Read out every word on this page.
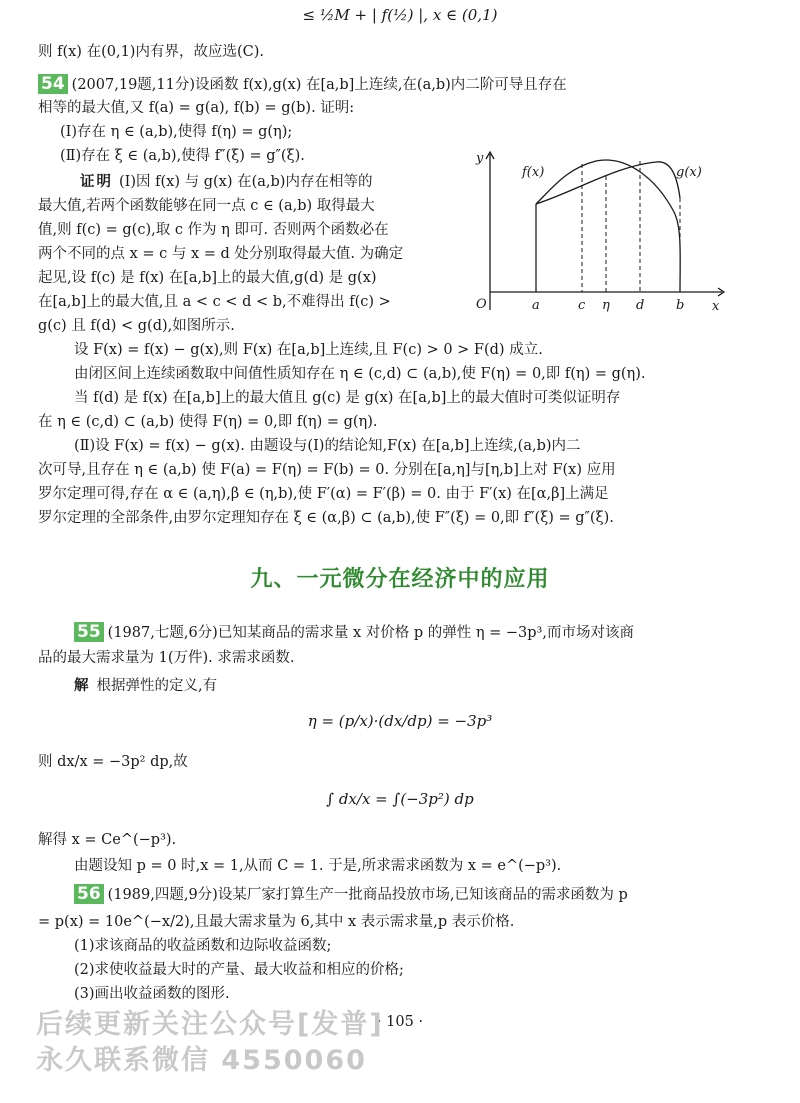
≤ ½M + | f(½) |, x ∈ (0,1)
则 f(x) 在(0,1)内有界，故应选(C).
54 (2007,19题,11分)设函数 f(x),g(x) 在[a,b]上连续,在(a,b)内二阶可导且存在
相等的最大值,又 f(a) = g(a), f(b) = g(b). 证明:
(Ⅰ)存在 η ∈ (a,b),使得 f(η) = g(η);
(Ⅱ)存在 ξ ∈ (a,b),使得 f″(ξ) = g″(ξ).
证明 (Ⅰ)因 f(x) 与 g(x) 在(a,b)内存在相等的
最大值,若两个函数能够在同一点 c ∈ (a,b) 取得最大
值,则 f(c) = g(c),取 c 作为 η 即可. 否则两个函数必在
两个不同的点 x = c 与 x = d 处分别取得最大值. 为确定
起见,设 f(c) 是 f(x) 在[a,b]上的最大值,g(d) 是 g(x)
在[a,b]上的最大值,且 a < c < d < b,不难得出 f(c) >
g(c) 且 f(d) < g(d),如图所示.
y
x
O
f(x)	g(x)
a	c η d b
设 F(x) = f(x) − g(x),则 F(x) 在[a,b]上连续,且 F(c) > 0 > F(d) 成立.
由闭区间上连续函数取中间值性质知存在 η ∈ (c,d) ⊂ (a,b),使 F(η) = 0,即 f(η) = g(η).
当 f(d) 是 f(x) 在[a,b]上的最大值且 g(c) 是 g(x) 在[a,b]上的最大值时可类似证明存
在 η ∈ (c,d) ⊂ (a,b) 使得 F(η) = 0,即 f(η) = g(η).
(Ⅱ)设 F(x) = f(x) − g(x). 由题设与(Ⅰ)的结论知,F(x) 在[a,b]上连续,(a,b)内二
次可导,且存在 η ∈ (a,b) 使 F(a) = F(η) = F(b) = 0. 分别在[a,η]与[η,b]上对 F(x) 应用
罗尔定理可得,存在 α ∈ (a,η),β ∈ (η,b),使 F′(α) = F′(β) = 0. 由于 F′(x) 在[α,β]上满足
罗尔定理的全部条件,由罗尔定理知存在 ξ ∈ (α,β) ⊂ (a,b),使 F″(ξ) = 0,即 f″(ξ) = g″(ξ).
九、一元微分在经济中的应用
55 (1987,七题,6分)已知某商品的需求量 x 对价格 p 的弹性 η = −3p³,而市场对该商
品的最大需求量为 1(万件). 求需求函数.
解 根据弹性的定义,有
η = (p/x)·(dx/dp) = −3p³
则 dx/x = −3p² dp,故
∫ dx/x = ∫(−3p²) dp
解得 x = Ce^(−p³).
由题设知 p = 0 时,x = 1,从而 C = 1. 于是,所求需求函数为 x = e^(−p³).
56 (1989,四题,9分)设某厂家打算生产一批商品投放市场,已知该商品的需求函数为 p
= p(x) = 10e^(−x/2),且最大需求量为 6,其中 x 表示需求量,p 表示价格.
(1)求该商品的收益函数和边际收益函数;
(2)求使收益最大时的产量、最大收益和相应的价格;
(3)画出收益函数的图形.
· 105 ·
后续更新关注公众号[发普]
永久联系微信 4550060
